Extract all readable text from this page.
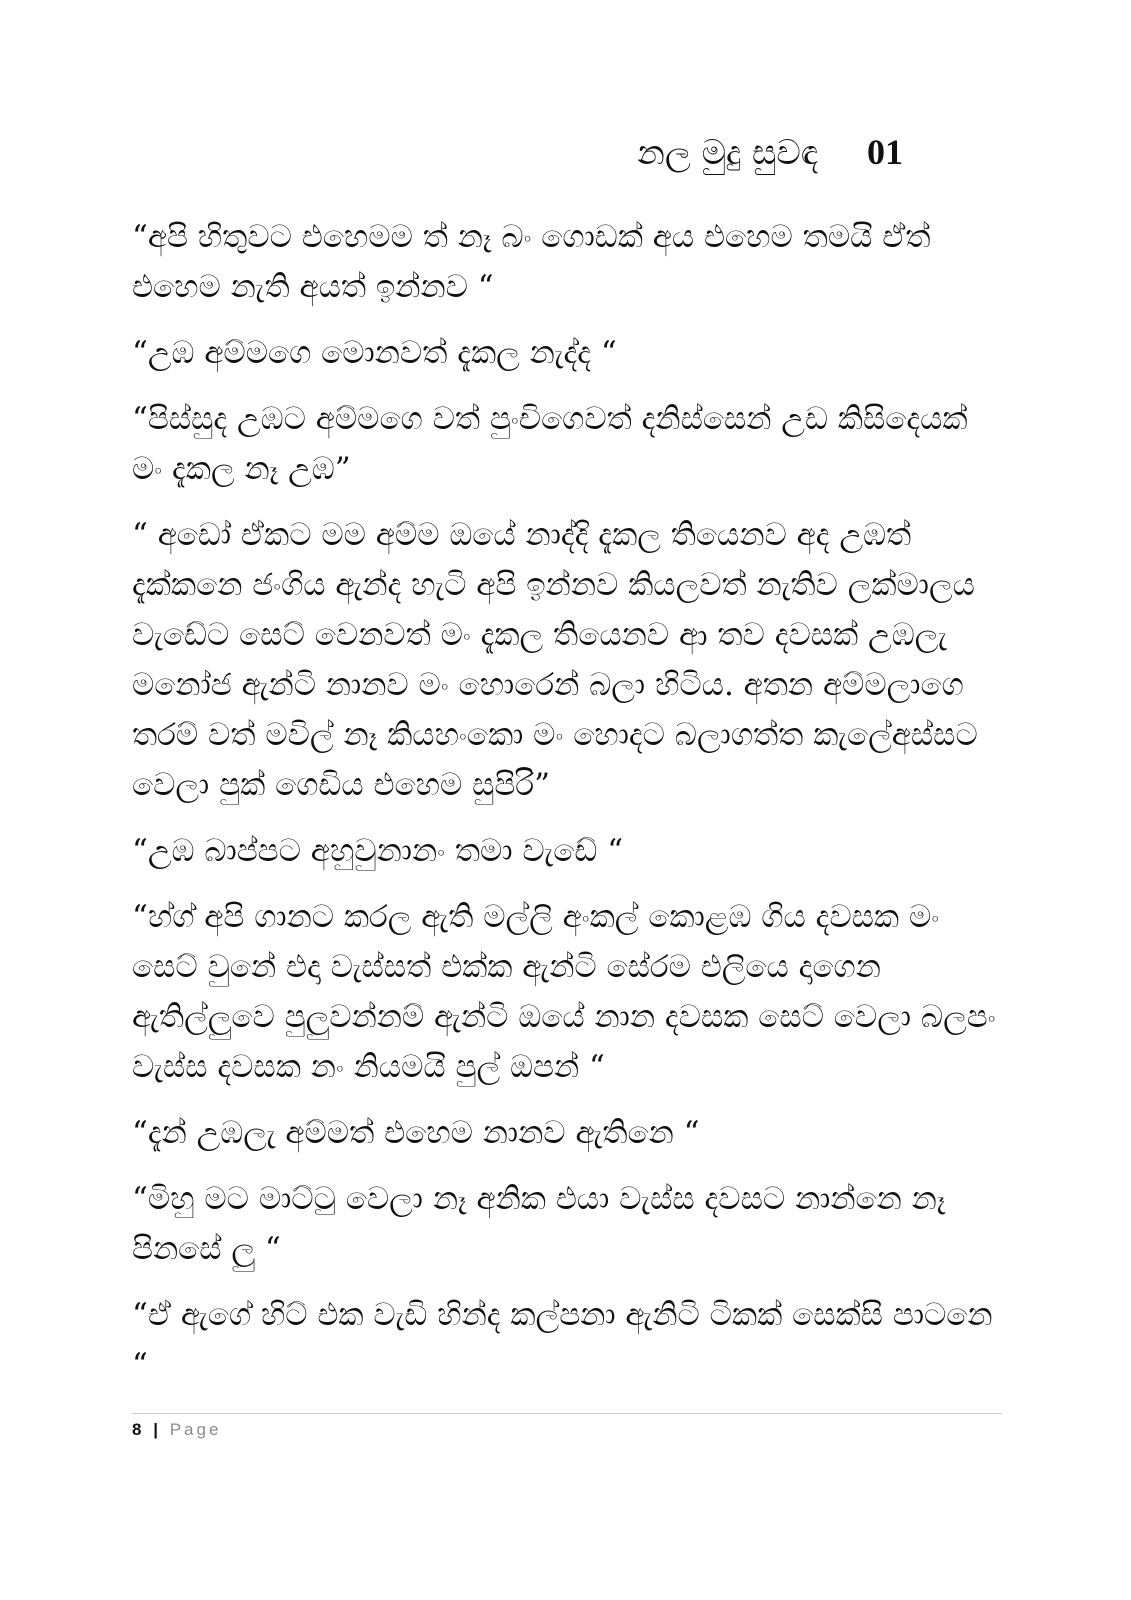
නල මුදු සුවඳ 01

“අපි හිතුවට එහෙමම ත් නෑ බං ගොඩක් අය එහෙම තමයි ඒත් එහෙම නැති අයත් ඉන්නව “

“උඹ අම්මගෙ මොනවත් දැකල නැද්ද “

“පිස්සුද උඹට අම්මගෙ වත් පුංචිගෙවත් දනිස්සෙන් උඩ කිසිදෙයක් මං දැකල නෑ උඹ”

“ අඩෝ ඒකට මම අම්ම ඔයේ නාද්දි දැකල තියෙනව අද උඹත් දැක්කනෙ ජංගිය ඇන්ද හැටි අපි ඉන්නව කියලවත් නැතිව ලක්මාලය වැඩේට සෙට් වෙනවත් මං දැකල තියෙනව ආ තව දවසක් උඹලැ මනෝජ ඇන්ටි නානව මං හොරෙන් බලා හිටිය. අතන අම්මලාගෙ තරම් වත් මවිල් නෑ කියහංකො මං හොදට බලාගත්ත කැලේඅස්සට වෙලා පුක් ගෙඩිය එහෙම සුපිරි”

“උඹ බාප්පට අහුවුනානං තමා වැඩේ “

“හ්ග් අපි ගානට කරල ඇති මල්ලි අංකල් කොළඹ ගිය දවසක මං සෙට් වුනේ එදා වැස්සත් එක්ක ඇන්ටි සේරම එලියෙ දාගෙන ඇතිල්ලුවෙ පුලුවන්නම් ඇන්ටි ඔයේ නාන දවසක සෙට් වෙලා බලපං වැස්ස දවසක නං නියමයි පුල් ඔපන් “

“දැන් උඹලැ අම්මත් එහෙම නානව ඇතිනෙ “

“මිහු මට මාට්ටු වෙලා නෑ අනික එයා වැස්ස දවසට නාන්නෙ නෑ පිනසේ ලු “

“ඒ ඇගේ හිට් එක වැඩි හින්ද කල්පනා ඇනිටි ටිකක් සෙක්සි පාටනෙ “

8 | Page
